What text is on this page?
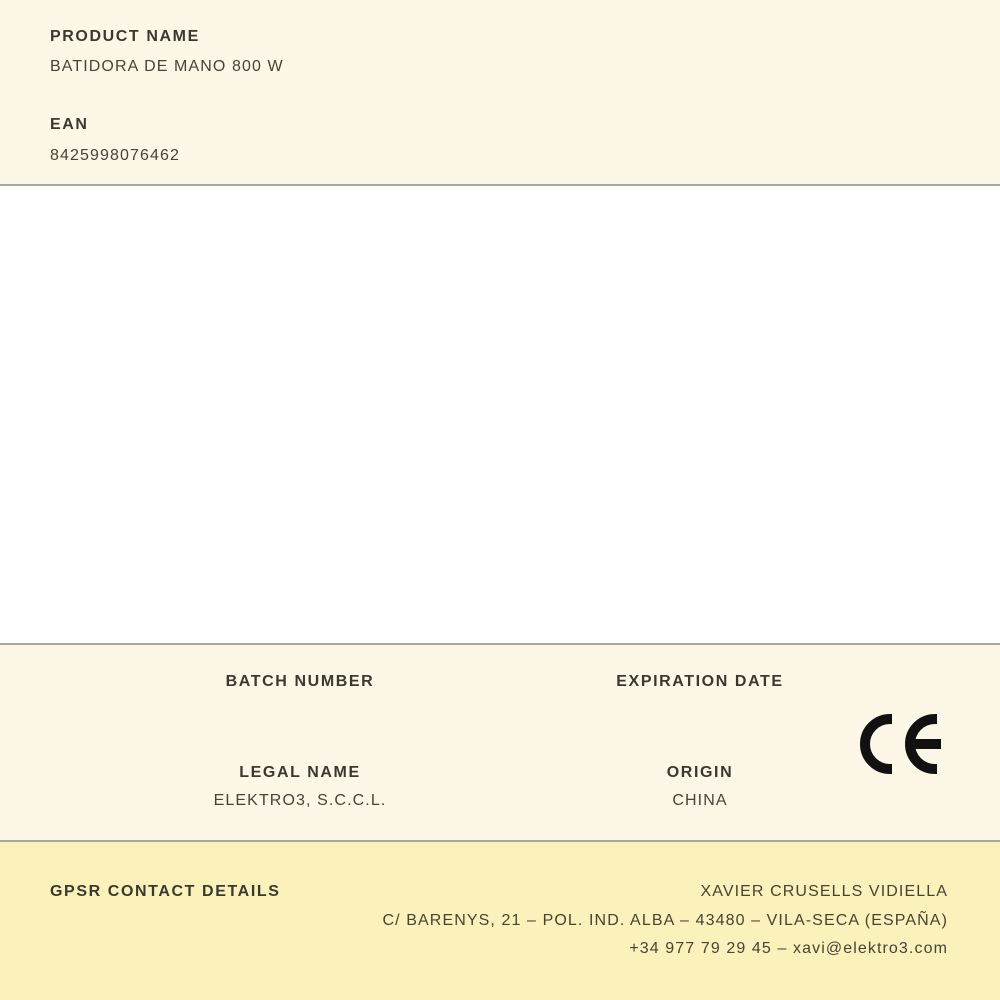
PRODUCT NAME
BATIDORA DE MANO 800 W
EAN
8425998076462
BATCH NUMBER	EXPIRATION DATE
LEGAL NAME	ORIGIN
ELEKTRO3, S.C.C.L.	CHINA
GPSR CONTACT DETAILS	XAVIER CRUSELLS VIDIELLA
C/ BARENYS, 21 – POL. IND. ALBA – 43480 – VILA-SECA (ESPAÑA)
+34 977 79 29 45 – xavi@elektro3.com
